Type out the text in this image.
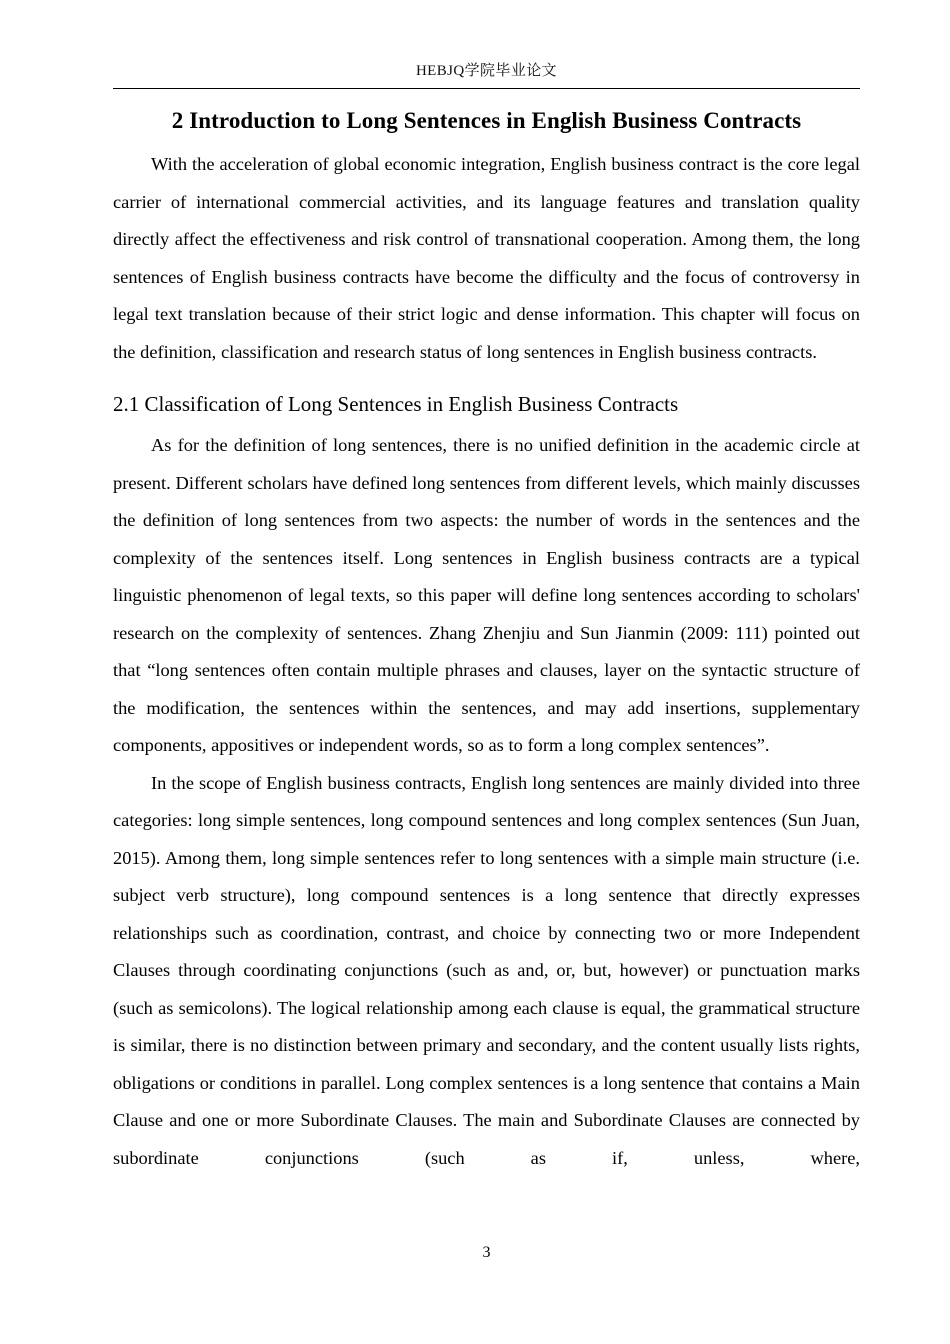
HEBJQ学院毕业论文
2 Introduction to Long Sentences in English Business Contracts

With the acceleration of global economic integration, English business contract is the core legal carrier of international commercial activities, and its language features and translation quality directly affect the effectiveness and risk control of transnational cooperation. Among them, the long sentences of English business contracts have become the difficulty and the focus of controversy in legal text translation because of their strict logic and dense information. This chapter will focus on the definition, classification and research status of long sentences in English business contracts.

2.1 Classification of Long Sentences in English Business Contracts

As for the definition of long sentences, there is no unified definition in the academic circle at present. Different scholars have defined long sentences from different levels, which mainly discusses the definition of long sentences from two aspects: the number of words in the sentences and the complexity of the sentences itself. Long sentences in English business contracts are a typical linguistic phenomenon of legal texts, so this paper will define long sentences according to scholars' research on the complexity of sentences. Zhang Zhenjiu and Sun Jianmin (2009: 111) pointed out that “long sentences often contain multiple phrases and clauses, layer on the syntactic structure of the modification, the sentences within the sentences, and may add insertions, supplementary components, appositives or independent words, so as to form a long complex sentences”.

In the scope of English business contracts, English long sentences are mainly divided into three categories: long simple sentences, long compound sentences and long complex sentences (Sun Juan, 2015). Among them, long simple sentences refer to long sentences with a simple main structure (i.e. subject verb structure), long compound sentences is a long sentence that directly expresses relationships such as coordination, contrast, and choice by connecting two or more Independent Clauses through coordinating conjunctions (such as and, or, but, however) or punctuation marks (such as semicolons). The logical relationship among each clause is equal, the grammatical structure is similar, there is no distinction between primary and secondary, and the content usually lists rights, obligations or conditions in parallel. Long complex sentences is a long sentence that contains a Main Clause and one or more Subordinate Clauses. The main and Subordinate Clauses are connected by subordinate conjunctions (such as if, unless, where,

3
